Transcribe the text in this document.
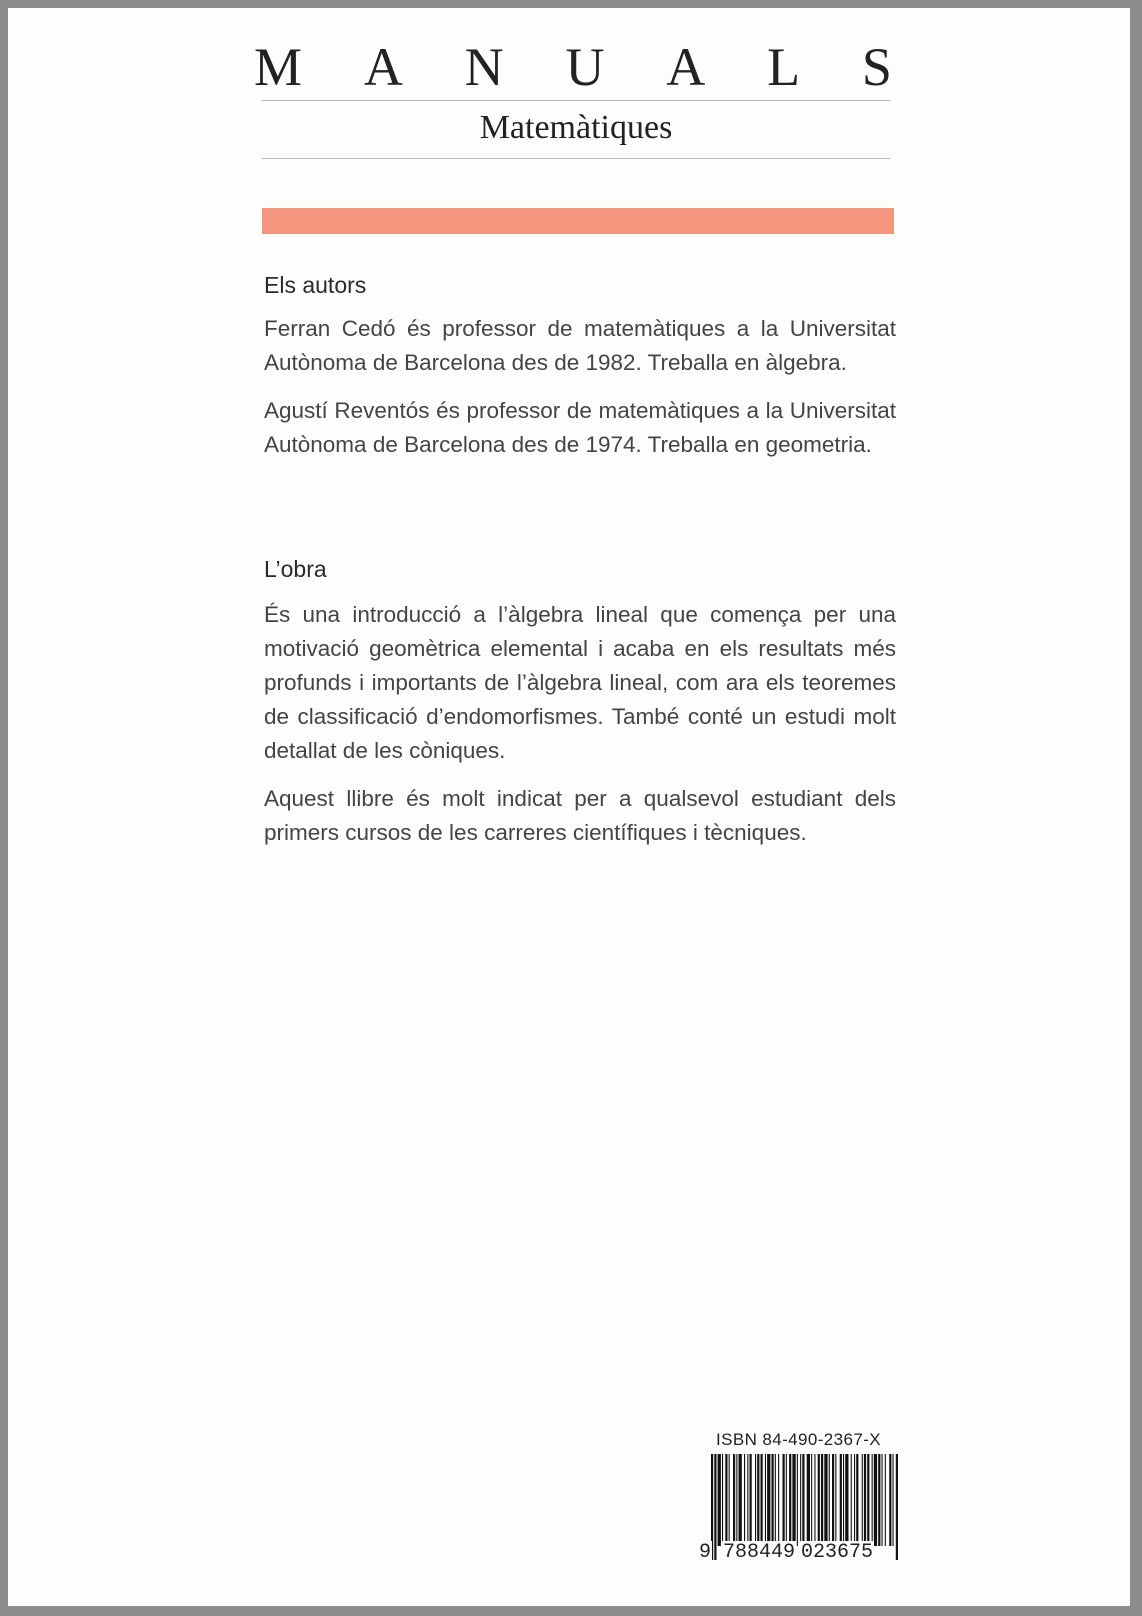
M A N U A L S
Matemàtiques
Els autors

Ferran Cedó és professor de matemàtiques a la Universitat Autònoma de Barcelona des de 1982. Treballa en àlgebra.

Agustí Reventós és professor de matemàtiques a la Universitat Autònoma de Barcelona des de 1974. Treballa en geometria.

L’obra

És una introducció a l’àlgebra lineal que comença per una motivació geomètrica elemental i acaba en els resultats més profunds i importants de l’àlgebra lineal, com ara els teoremes de classificació d’endomorfismes. També conté un estudi molt detallat de les còniques.

Aquest llibre és molt indicat per a qualsevol estudiant dels primers cursos de les carreres científiques i tècniques.

ISBN 84-490-2367-X
9 788449 023675
